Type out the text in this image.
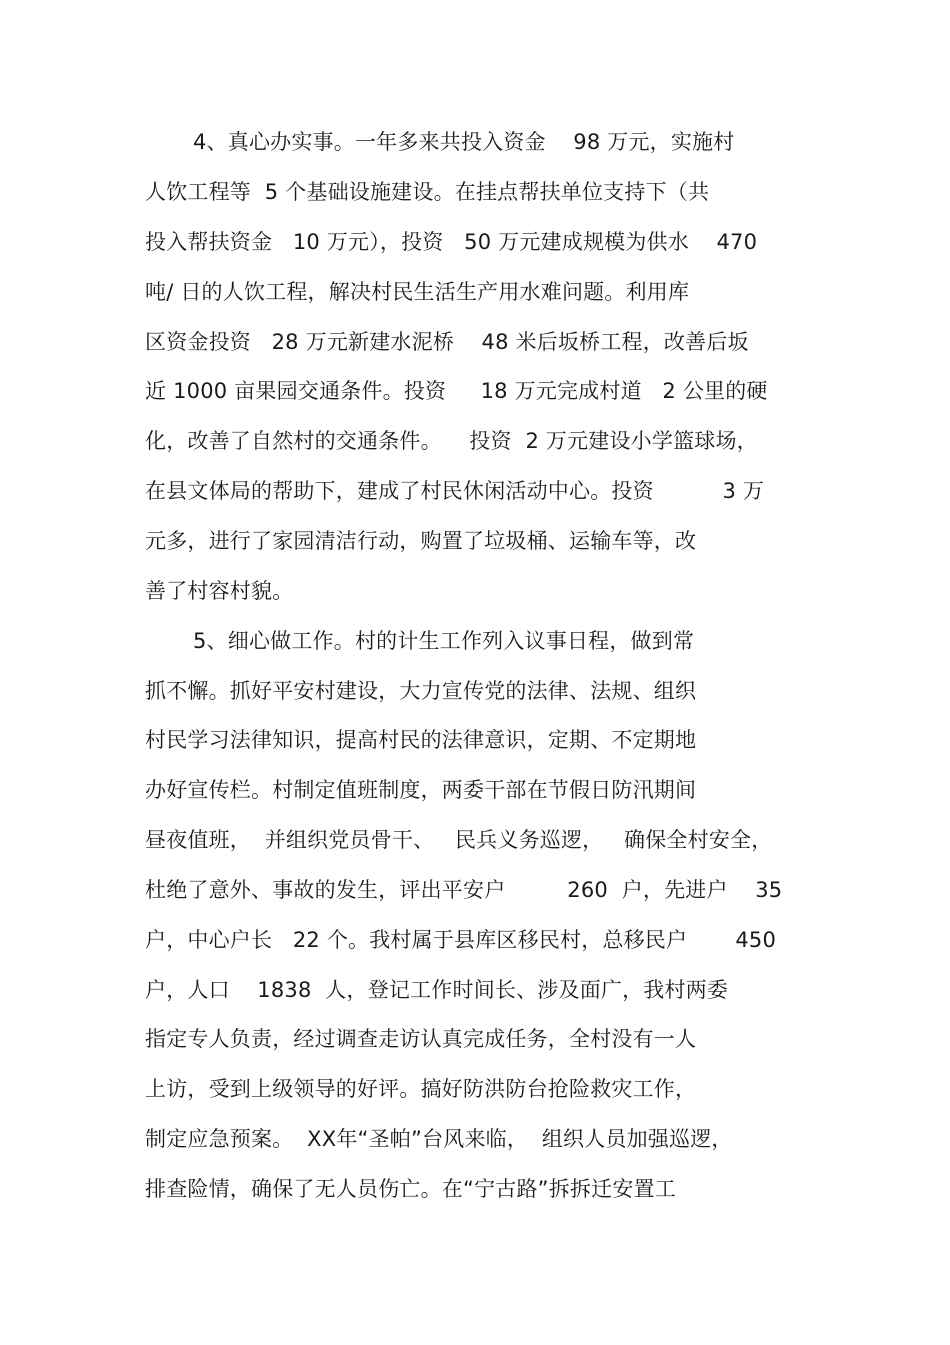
4、真心办实事。一年多来共投入资金    98 万元，实施村
人饮工程等  5 个基础设施建设。在挂点帮扶单位支持下（共
投入帮扶资金   10 万元），投资   50 万元建成规模为供水    470
吨/ 日的人饮工程，解决村民生活生产用水难问题。利用库
区资金投资   28 万元新建水泥桥    48 米后坂桥工程，改善后坂
近 1000 亩果园交通条件。投资     18 万元完成村道   2 公里的硬
化，改善了自然村的交通条件。    投资  2 万元建设小学篮球场，
在县文体局的帮助下，建成了村民休闲活动中心。投资          3 万
元多，进行了家园清洁行动，购置了垃圾桶、运输车等，改
善了村容村貌。
5、细心做工作。村的计生工作列入议事日程，做到常
抓不懈。抓好平安村建设，大力宣传党的法律、法规、组织
村民学习法律知识，提高村民的法律意识，定期、不定期地
办好宣传栏。村制定值班制度，两委干部在节假日防汛期间
昼夜值班，  并组织党员骨干、   民兵义务巡逻，   确保全村安全，
杜绝了意外、事故的发生，评出平安户         260  户，先进户    35
户，中心户长   22 个。我村属于县库区移民村，总移民户       450
户，人口    1838  人，登记工作时间长、涉及面广，我村两委
指定专人负责，经过调查走访认真完成任务，全村没有一人
上访，受到上级领导的好评。搞好防洪防台抢险救灾工作，
制定应急预案。  XX年“圣帕”台风来临，  组织人员加强巡逻，
排查险情，确保了无人员伤亡。在“宁古路”拆拆迁安置工
